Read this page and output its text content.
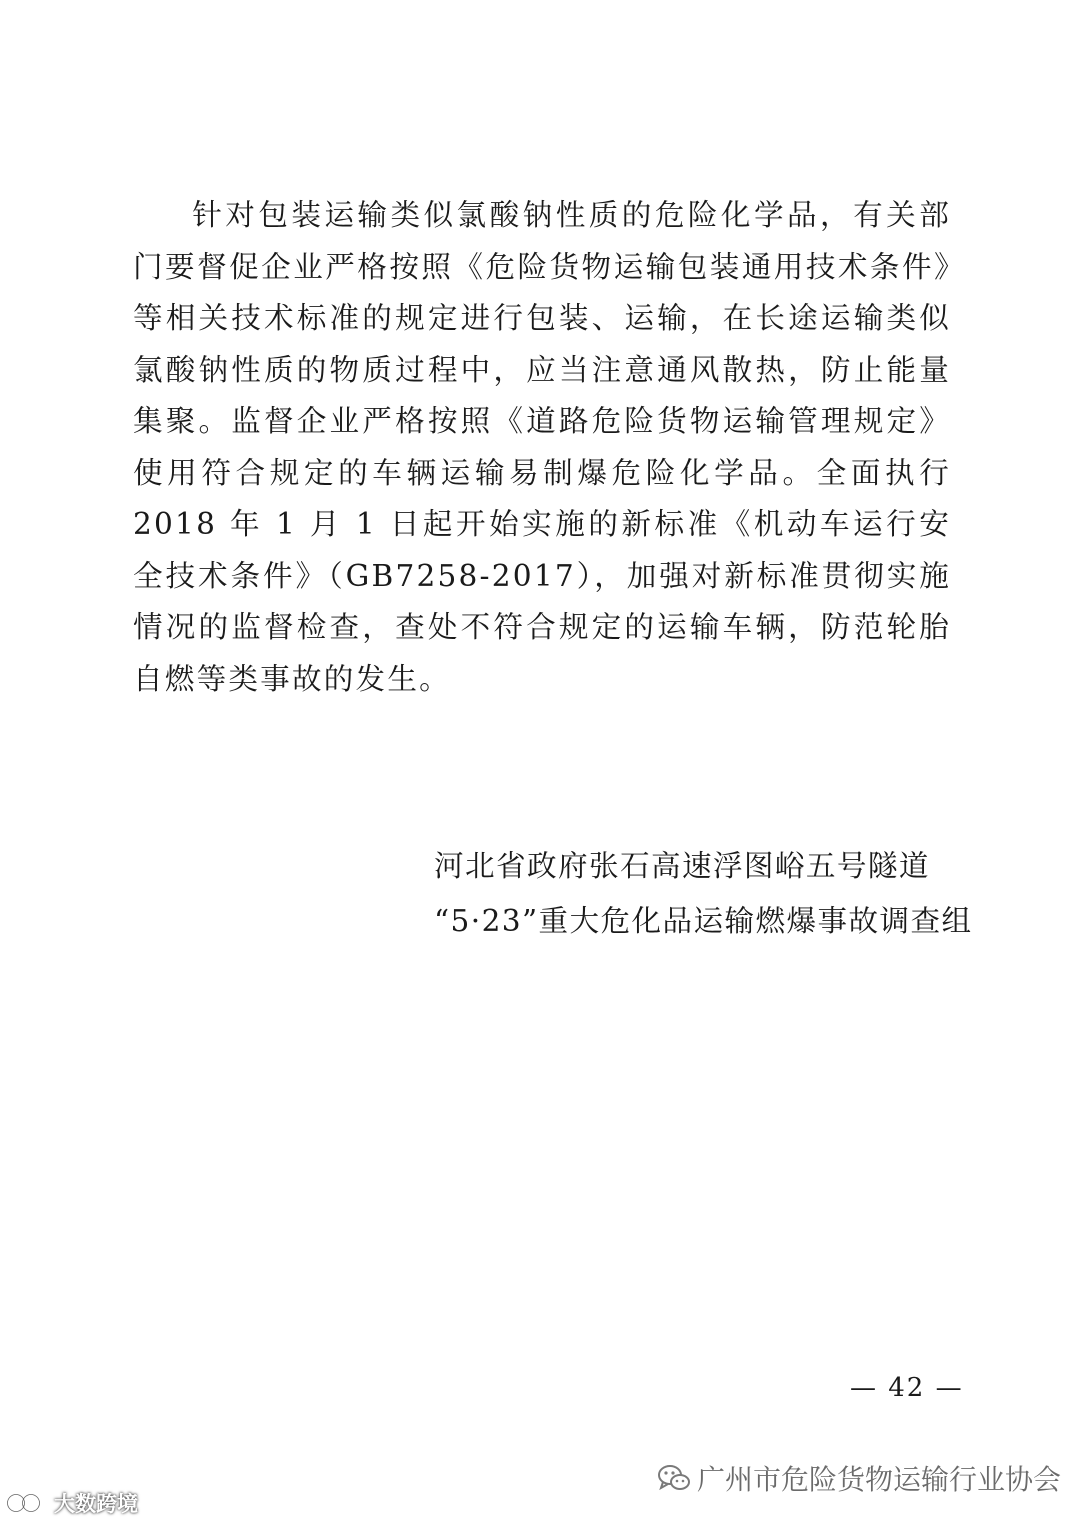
针对包装运输类似氯酸钠性质的危险化学品，有关部门要督促企业严格按照《危险货物运输包装通用技术条件》等相关技术标准的规定进行包装、运输，在长途运输类似氯酸钠性质的物质过程中，应当注意通风散热，防止能量集聚。监督企业严格按照《道路危险货物运输管理规定》使用符合规定的车辆运输易制爆危险化学品。全面执行 2018 年 1 月 1 日起开始实施的新标准《机动车运行安全技术条件》（GB7258-2017），加强对新标准贯彻实施情况的监督检查，查处不符合规定的运输车辆，防范轮胎自燃等类事故的发生。

河北省政府张石高速浮图峪五号隧道
“5·23”重大危化品运输燃爆事故调查组
— 42 —
广州市危险货物运输行业协会
大数跨境
